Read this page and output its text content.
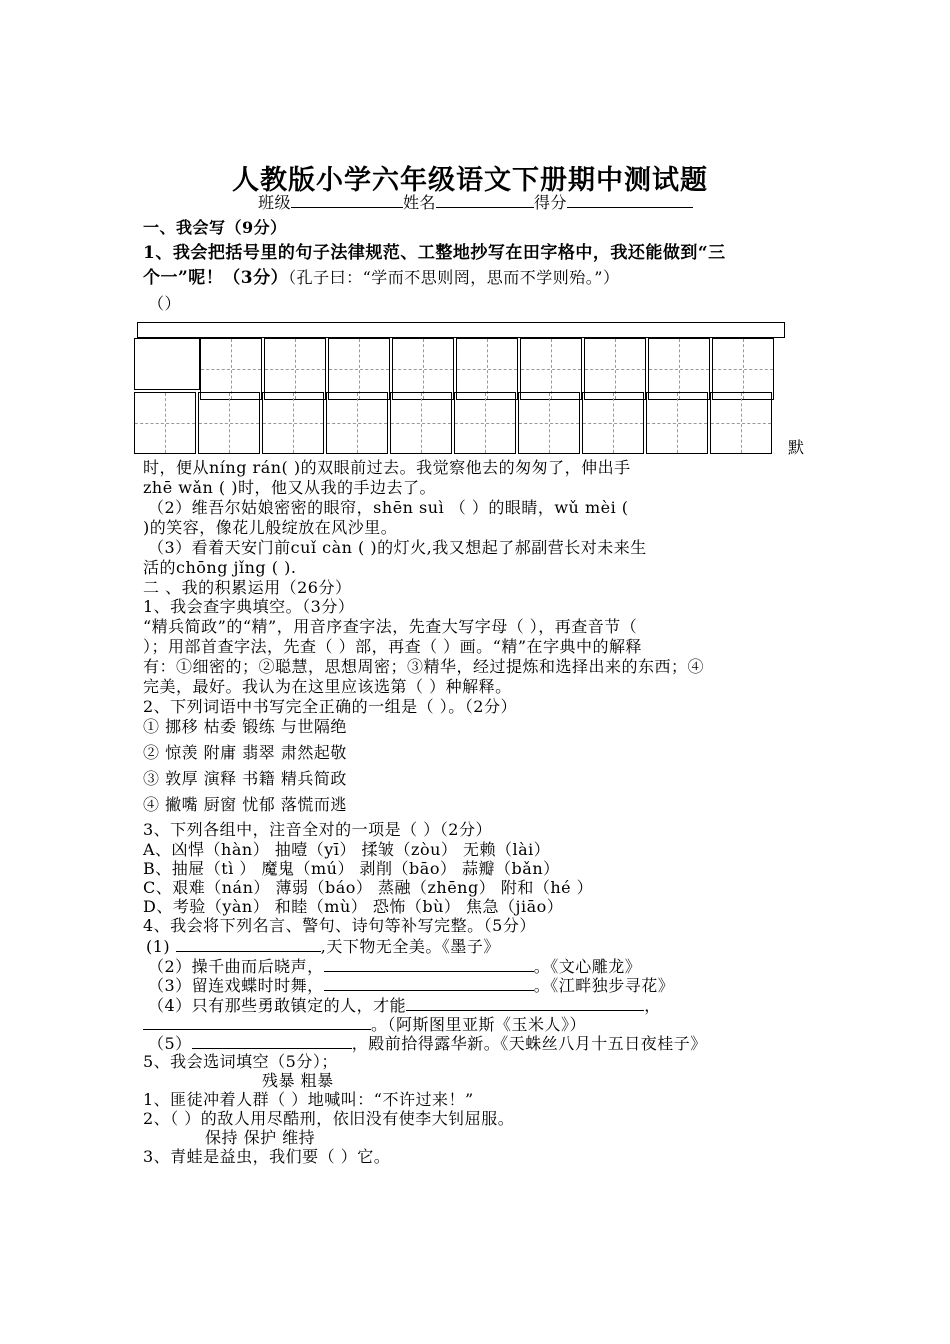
人教版小学六年级语文下册期中测试题
班级	姓名	得分
一、我会写（9分）
1、我会把括号里的句子法律规范、工整地抄写在田字格中，我还能做到“三
个一”呢！（3分）（孔子曰：“学而不思则罔，思而不学则殆。”）
（）
默
时，便从níng rán( )的双眼前过去。我觉察他去的匆匆了，伸出手
zhē wǎn ( )时，他又从我的手边去了。
（2）维吾尔姑娘密密的眼帘，shēn suì （ ）的眼睛，wǔ mèi (
)的笑容，像花儿般绽放在风沙里。
（3）看着天安门前cuǐ càn ( )的灯火,我又想起了郝副营长对未来生
活的chōng jǐng ( ).
二 、我的积累运用（26分）
1、我会查字典填空。（3分）
“精兵简政”的“精”，用音序查字法，先查大写字母（ ），再查音节（
）；用部首查字法，先查（ ）部，再查（ ）画。“精”在字典中的解释
有：①细密的；②聪慧，思想周密；③精华，经过提炼和选择出来的东西；④
完美，最好。我认为在这里应该选第（ ）种解释。
2、下列词语中书写完全正确的一组是（ ）。（2分）
① 挪移 枯委 锻练 与世隔绝
② 惊羡 附庸 翡翠 肃然起敬
③ 敦厚 演释 书籍 精兵简政
④ 撇嘴 厨窗 忧郁 落慌而逃
3、下列各组中，注音全对的一项是（ ）（2分）
A、凶悍（hàn） 抽噎（yī） 揉皱（zòu） 无赖（lài）
B、抽屉（tì ） 魔鬼（mú） 剥削（bāo） 蒜瓣（bǎn）
C、艰难（nán） 薄弱（báo） 蒸融（zhēng） 附和（hé ）
D、考验（yàn） 和睦（mù） 恐怖（bù） 焦急（jiāo）
4、我会将下列名言、警句、诗句等补写完整。（5分）
(1)	,天下物无全美。《墨子》
（2）操千曲而后晓声，	。《文心雕龙》
（3）留连戏蝶时时舞，	。《江畔独步寻花》
（4）只有那些勇敢镇定的人，才能	，
。（阿斯图里亚斯《玉米人》）
（5）	，殿前拾得露华新。《天蛛丝八月十五日夜桂子》
5、我会选词填空（5分）；
残暴 粗暴
1、匪徒冲着人群（ ）地喊叫：“不许过来！”
2、（ ）的敌人用尽酷刑，依旧没有使李大钊屈服。
保持 保护 维持
3、青蛙是益虫，我们要（ ）它。
